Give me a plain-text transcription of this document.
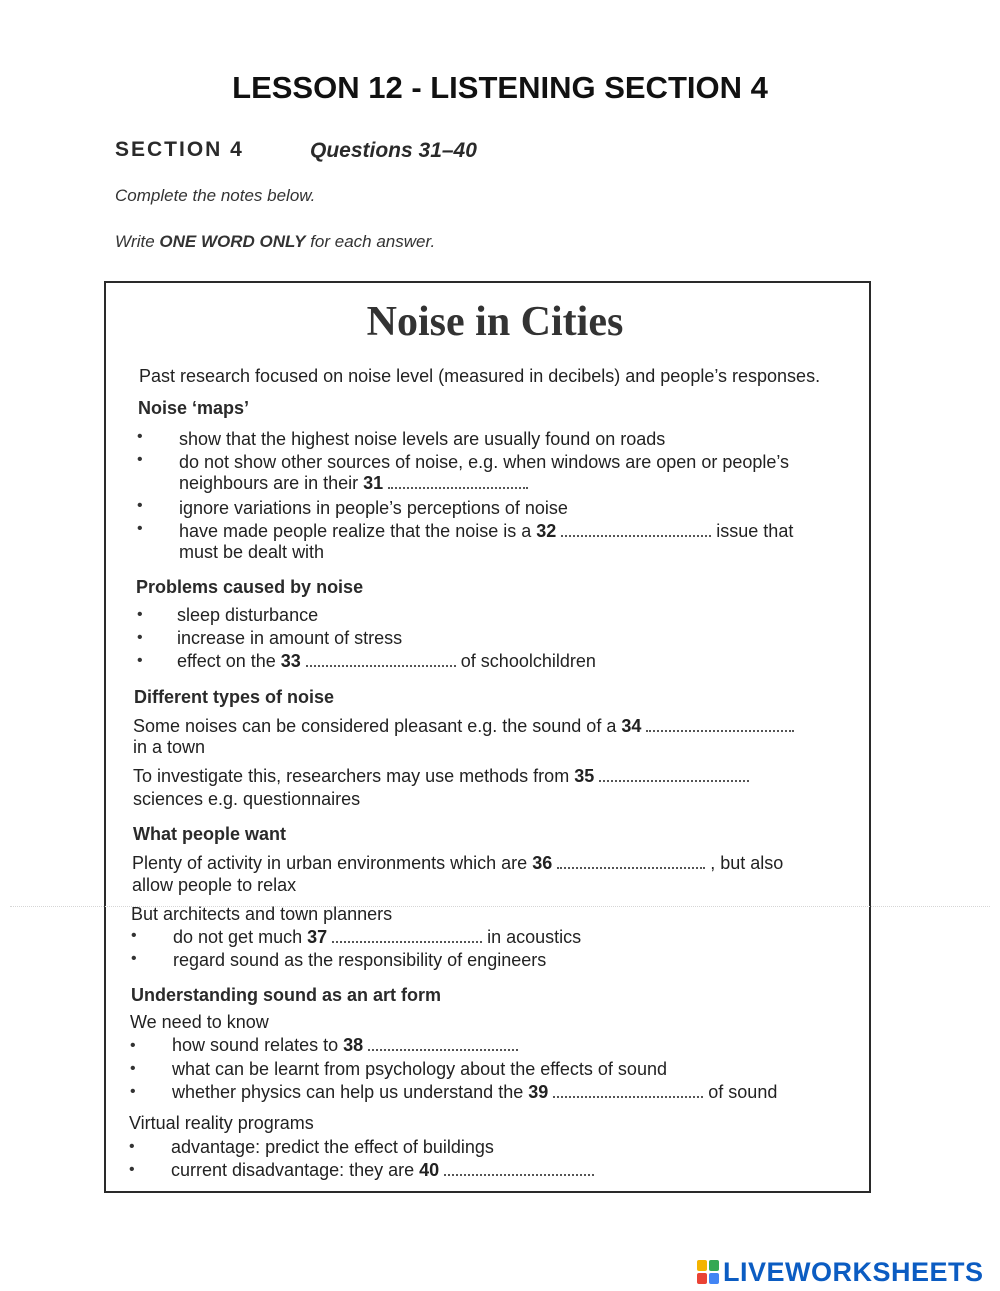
LESSON 12 - LISTENING SECTION 4
SECTION 4	Questions 31–40
Complete the notes below.
Write ONE WORD ONLY for each answer.
Noise in Cities
Past research focused on noise level (measured in decibels) and people’s responses.
Noise ‘maps’
• show that the highest noise levels are usually found on roads
• do not show other sources of noise, e.g. when windows are open or people’s
neighbours are in their 31
• ignore variations in people’s perceptions of noise
• have made people realize that the noise is a 32	issue that
must be dealt with
Problems caused by noise
• sleep disturbance
• increase in amount of stress
• effect on the 33	of schoolchildren
Different types of noise
Some noises can be considered pleasant e.g. the sound of a 34
in a town
To investigate this, researchers may use methods from 35
sciences e.g. questionnaires
What people want
Plenty of activity in urban environments which are 36	, but also
allow people to relax
But architects and town planners
• do not get much 37	in acoustics
• regard sound as the responsibility of engineers
Understanding sound as an art form
We need to know
• how sound relates to 38
• what can be learnt from psychology about the effects of sound
• whether physics can help us understand the 39	of sound
Virtual reality programs
• advantage: predict the effect of buildings
• current disadvantage: they are 40
LIVEWORKSHEETS
